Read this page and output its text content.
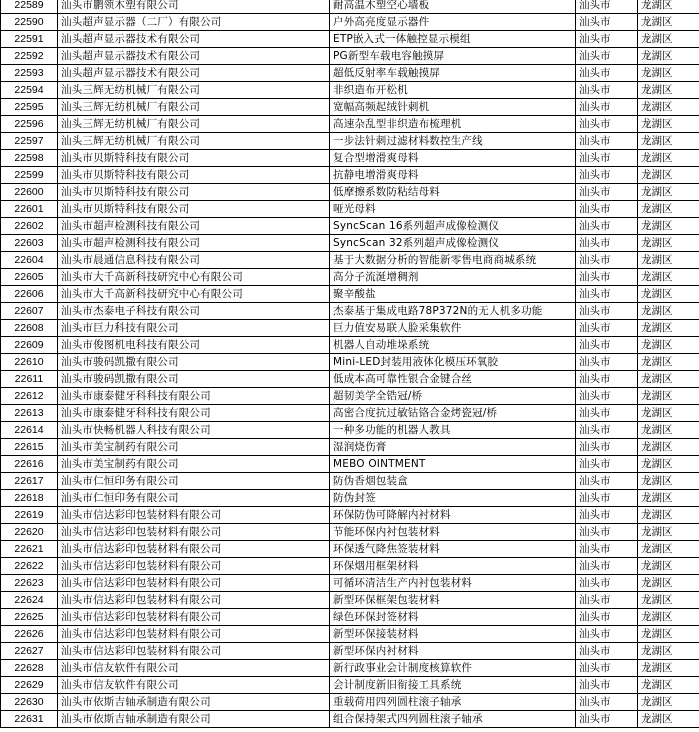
22589	汕头市鹏领木塑有限公司	耐高温木塑空心墙板	汕头市	龙湖区
22590	汕头超声显示器（二厂）有限公司	户外高亮度显示器件	汕头市	龙湖区
22591	汕头超声显示器技术有限公司	ETP嵌入式一体触控显示模组	汕头市	龙湖区
22592	汕头超声显示器技术有限公司	PG新型车载电容触摸屏	汕头市	龙湖区
22593	汕头超声显示器技术有限公司	超低反射率车载触摸屏	汕头市	龙湖区
22594	汕头三辉无纺机械厂有限公司	非织造布开松机	汕头市	龙湖区
22595	汕头三辉无纺机械厂有限公司	宽幅高频起绒针刺机	汕头市	龙湖区
22596	汕头三辉无纺机械厂有限公司	高速杂乱型非织造布梳理机	汕头市	龙湖区
22597	汕头三辉无纺机械厂有限公司	一步法针刺过滤材料数控生产线	汕头市	龙湖区
22598	汕头市贝斯特科技有限公司	复合型增滑爽母料	汕头市	龙湖区
22599	汕头市贝斯特科技有限公司	抗静电增滑爽母料	汕头市	龙湖区
22600	汕头市贝斯特科技有限公司	低摩擦系数防粘结母料	汕头市	龙湖区
22601	汕头市贝斯特科技有限公司	哑光母料	汕头市	龙湖区
22602	汕头市超声检测科技有限公司	SyncScan 16系列超声成像检测仪	汕头市	龙湖区
22603	汕头市超声检测科技有限公司	SyncScan 32系列超声成像检测仪	汕头市	龙湖区
22604	汕头市晨通信息科技有限公司	基于大数据分析的智能新零售电商商城系统	汕头市	龙湖区
22605	汕头市大千高新科技研究中心有限公司	高分子流涎增稠剂	汕头市	龙湖区
22606	汕头市大千高新科技研究中心有限公司	聚辛酸盐	汕头市	龙湖区
22607	汕头市杰泰电子科技有限公司	杰泰基于集成电路78P372N的无人机多功能	汕头市	龙湖区
22608	汕头市巨力科技有限公司	巨力值安易联人脸采集软件	汕头市	龙湖区
22609	汕头市俊图机电科技有限公司	机器人自动堆垛系统	汕头市	龙湖区
22610	汕头市骏码凯撒有限公司	Mini-LED封装用液体化模压环氧胶	汕头市	龙湖区
22611	汕头市骏码凯撒有限公司	低成本高可靠性银合金键合丝	汕头市	龙湖区
22612	汕头市康泰健牙科科技有限公司	超韧美学全锆冠/桥	汕头市	龙湖区
22613	汕头市康泰健牙科科技有限公司	高密合度抗过敏钴铬合金烤瓷冠/桥	汕头市	龙湖区
22614	汕头市快畅机器人科技有限公司	一种多功能的机器人教具	汕头市	龙湖区
22615	汕头市美宝制药有限公司	湿润烧伤膏	汕头市	龙湖区
22616	汕头市美宝制药有限公司	MEBO OINTMENT	汕头市	龙湖区
22617	汕头市仁恒印务有限公司	防伪香烟包装盒	汕头市	龙湖区
22618	汕头市仁恒印务有限公司	防伪封签	汕头市	龙湖区
22619	汕头市信达彩印包装材料有限公司	环保防伪可降解内衬材料	汕头市	龙湖区
22620	汕头市信达彩印包装材料有限公司	节能环保内衬包装材料	汕头市	龙湖区
22621	汕头市信达彩印包装材料有限公司	环保透气降焦签装材料	汕头市	龙湖区
22622	汕头市信达彩印包装材料有限公司	环保烟用框架材料	汕头市	龙湖区
22623	汕头市信达彩印包装材料有限公司	可循环清洁生产内衬包装材料	汕头市	龙湖区
22624	汕头市信达彩印包装材料有限公司	新型环保框架包装材料	汕头市	龙湖区
22625	汕头市信达彩印包装材料有限公司	绿色环保封签材料	汕头市	龙湖区
22626	汕头市信达彩印包装材料有限公司	新型环保接装材料	汕头市	龙湖区
22627	汕头市信达彩印包装材料有限公司	新型环保内衬材料	汕头市	龙湖区
22628	汕头市信友软件有限公司	新行政事业会计制度核算软件	汕头市	龙湖区
22629	汕头市信友软件有限公司	会计制度新旧衔接工具系统	汕头市	龙湖区
22630	汕头市依斯吉轴承制造有限公司	重载荷用四列圆柱滚子轴承	汕头市	龙湖区
22631	汕头市依斯吉轴承制造有限公司	组合保持架式四列圆柱滚子轴承	汕头市	龙湖区
